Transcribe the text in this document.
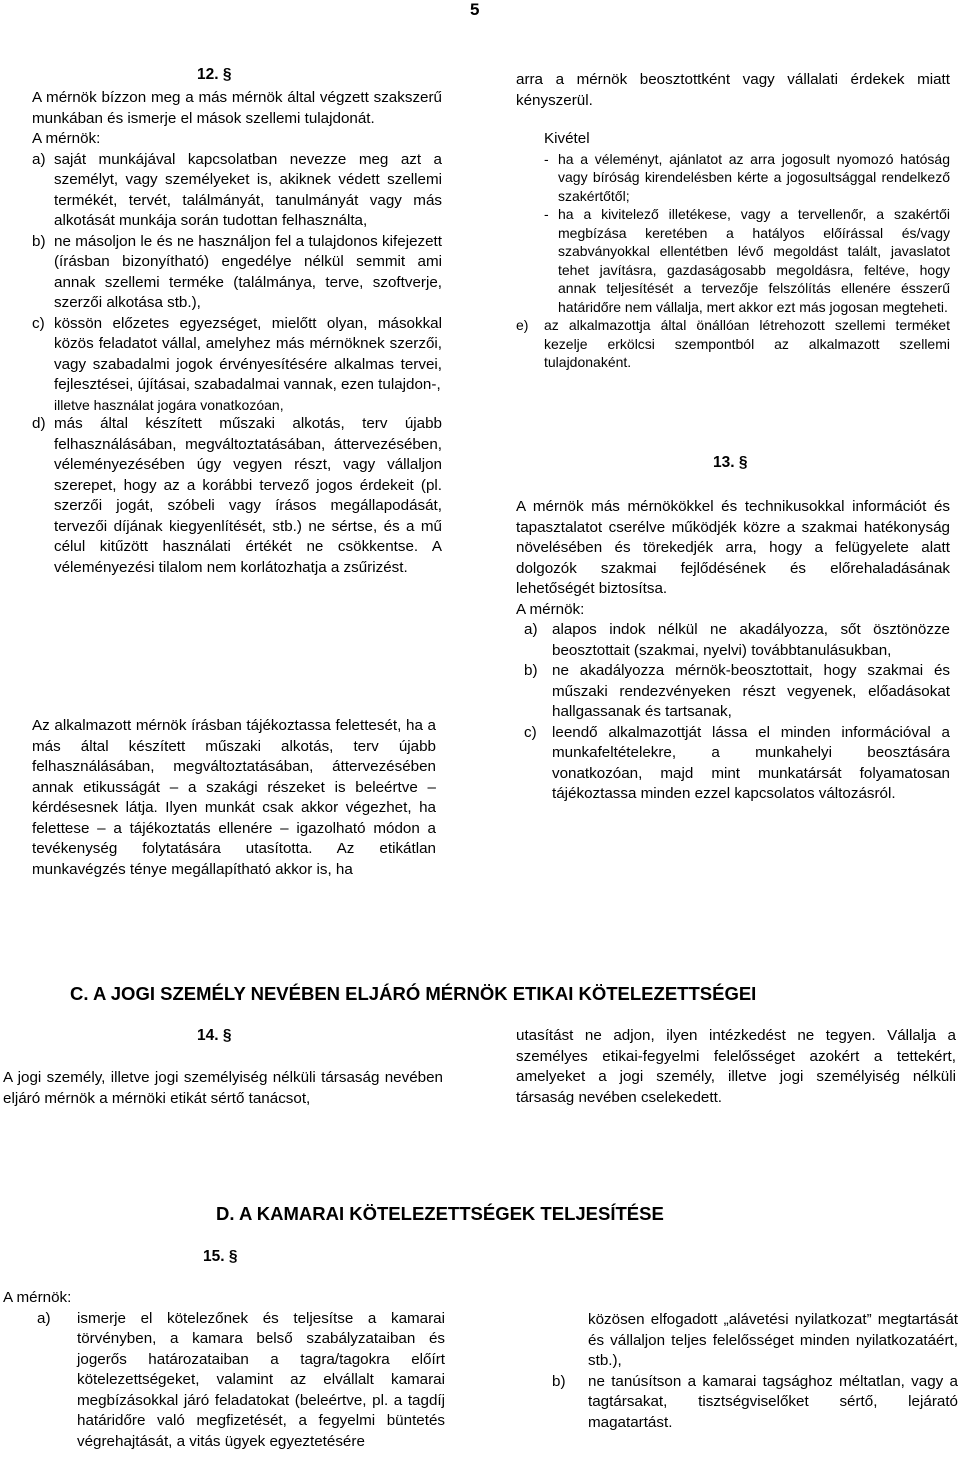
5
12. §

A mérnök bízzon meg a más mérnök által végzett szakszerű munkában és ismerje el mások szellemi tulajdonát.

A mérnök:

a) saját munkájával kapcsolatban nevezze meg azt a személyt, vagy személyeket is, akiknek védett szellemi termékét, tervét, találmányát, tanulmányát vagy más alkotását munkája során tudottan felhasználta,
b) ne másoljon le és ne használjon fel a tulajdonos kifejezett (írásban bizonyítható) engedélye nélkül semmit ami annak szellemi terméke (találmánya, terve, szoftverje, szerzői alkotása stb.),
c) kössön előzetes egyezséget, mielőtt olyan, másokkal közös feladatot vállal, amelyhez más mérnöknek szerzői, vagy szabadalmi jogok érvényesítésére alkalmas tervei, fejlesztései, újításai, szabadalmai vannak, ezen tulajdon-,
illetve használat jogára vonatkozóan,
d) más által készített műszaki alkotás, terv újabb felhasználásában, megváltoztatásában, áttervezésében, véleményezésében úgy vegyen részt, vagy vállaljon szerepet, hogy az a korábbi tervező jogos érdekeit (pl. szerzői jogát, szóbeli vagy írásos megállapodását, tervezői díjának kiegyenlítését, stb.) ne sértse, és a mű célul kitűzött használati értékét ne csökkentse. A véleményezési tilalom nem korlátozhatja a zsűrizést.
Az alkalmazott mérnök írásban tájékoztassa felettesét, ha a más által készített műszaki alkotás, terv újabb felhasználásában, megváltoztatásában, áttervezésében annak etikusságát – a szakági részeket is beleértve – kérdésesnek látja. Ilyen munkát csak akkor végezhet, ha felettese – a tájékoztatás ellenére – igazolható módon a tevékenység folytatására utasította. Az etikátlan munkavégzés ténye megállapítható akkor is, ha

arra a mérnök beosztottként vagy vállalati érdekek miatt kényszerül.

Kivétel

- ha a véleményt, ajánlatot az arra jogosult nyomozó hatóság vagy bíróság kirendelésben kérte a jogosultsággal rendelkező szakértőtől;
- ha a kivitelező illetékese, vagy a tervellenőr, a szakértői megbízása keretében a hatályos előírással és/vagy szabványokkal ellentétben lévő megoldást talált, javaslatot tehet javításra, gazdaságosabb megoldásra, feltéve, hogy annak teljesítését a tervezője felszólítás ellenére ésszerű határidőre nem vállalja, mert akkor ezt más jogosan megteheti.
e)	az alkalmazottja által önállóan létrehozott szellemi terméket kezelje erkölcsi szempontból az alkalmazott szellemi tulajdonaként.
13. §

A mérnök más mérnökökkel és technikusokkal információt és tapasztalatot cserélve működjék közre a szakmai hatékonyság növelésében és törekedjék arra, hogy a felügyelete alatt dolgozók szakmai fejlődésének és előrehaladásának lehetőségét biztosítsa.

A mérnök:

a) alapos indok nélkül ne akadályozza, sőt ösztönözze beosztottait (szakmai, nyelvi) továbbtanulásukban,
b) ne akadályozza mérnök-beosztottait, hogy szakmai és műszaki rendezvényeken részt vegyenek, előadásokat hallgassanak és tartsanak,
c)	leendő alkalmazottját lássa el minden információval a munkafeltételekre, a munkahelyi beosztására vonatkozóan, majd mint munkatársát folyamatosan tájékoztassa minden ezzel kapcsolatos változásról.
C. A JOGI SZEMÉLY NEVÉBEN ELJÁRÓ MÉRNÖK ETIKAI KÖTELEZETTSÉGEI
14. §
A jogi személy, illetve jogi személyiség nélküli társaság nevében eljáró mérnök a mérnöki etikát sértő tanácsot,
utasítást ne adjon, ilyen intézkedést ne tegyen. Vállalja a személyes etikai-fegyelmi felelősséget azokért a tettekért, amelyeket a jogi személy, illetve jogi személyiség nélküli társaság nevében cselekedett.
D. A KAMARAI KÖTELEZETTSÉGEK TELJESÍTÉSE
15. §

A mérnök:

a)	ismerje el kötelezőnek és teljesítse a kamarai törvényben, a kamara belső szabályzataiban és jogerős határozataiban a tagra/tagokra előírt kötelezettségeket, valamint az elvállalt kamarai megbízásokkal járó feladatokat (beleértve, pl. a tagdíj határidőre való megfizetését, a fegyelmi büntetés végrehajtását, a vitás ügyek egyeztetésére
közösen elfogadott „alávetési nyilatkozat” megtartását és vállaljon teljes felelősséget minden nyilatkozatáért, stb.),
b)	ne tanúsítson a kamarai tagsághoz méltatlan, vagy a tagtársakat, tisztségviselőket sértő, lejárató magatartást.
